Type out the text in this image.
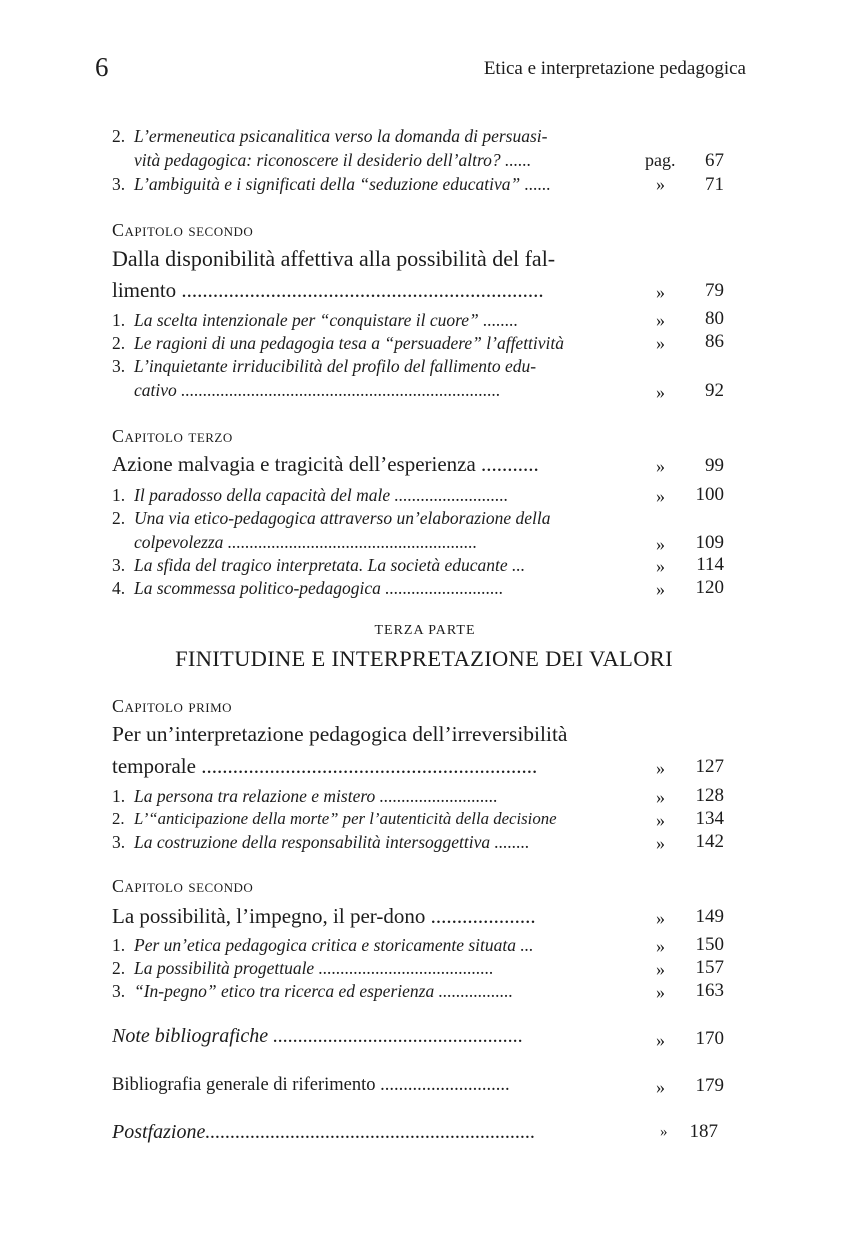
6	Etica e interpretazione pedagogica
2. L’ermeneutica psicanalitica verso la domanda di persuasi-
vità pedagogica: riconoscere il desiderio dell’altro? ......	pag.	67
3. L’ambiguità e i significati della “seduzione educativa” ......	»	71
Capitolo secondo
Dalla disponibilità affettiva alla possibilità del fal-
limento .....................................................................	»	79
1. La scelta intenzionale per “conquistare il cuore” ........	»	80
2. Le ragioni di una pedagogia tesa a “persuadere” l’affettività	»	86
3. L’inquietante irriducibilità del profilo del fallimento edu-
cativo .........................................................................	»	92
Capitolo terzo
Azione malvagia e tragicità dell’esperienza ...........	»	99
1. Il paradosso della capacità del male ..........................	»	100
2. Una via etico-pedagogica attraverso un’elaborazione della
colpevolezza .........................................................	»	109
3. La sfida del tragico interpretata. La società educante ...	»	114
4. La scommessa politico-pedagogica ...........................	»	120
TERZA PARTE
FINITUDINE E INTERPRETAZIONE DEI VALORI
Capitolo primo
Per un’interpretazione pedagogica dell’irreversibilità
temporale ................................................................	»	127
1. La persona tra relazione e mistero ...........................	»	128
2. L’“anticipazione della morte” per l’autenticità della decisione	»	134
3. La costruzione della responsabilità intersoggettiva ........	»	142
Capitolo secondo
La possibilità, l’impegno, il per-dono ....................	»	149
1. Per un’etica pedagogica critica e storicamente situata ...	»	150
2. La possibilità progettuale ........................................	»	157
3. “In-pegno” etico tra ricerca ed esperienza .................	»	163
Note bibliografiche ..................................................	»	170
Bibliografia generale di riferimento ............................	»	179
Postfazione..................................................................	»	187
